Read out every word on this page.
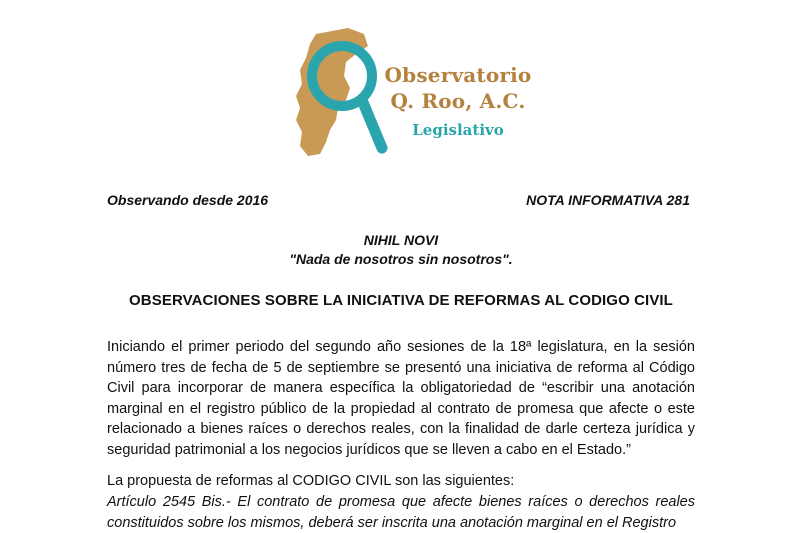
Observatorio
Q. Roo, A.C.
Legislativo
Observando desde 2016	NOTA INFORMATIVA 281
NIHIL NOVI
"Nada de nosotros sin nosotros".
OBSERVACIONES SOBRE LA INICIATIVA DE REFORMAS AL CODIGO CIVIL
Iniciando el primer periodo del segundo año sesiones de la 18ª legislatura, en la sesión número tres de fecha de 5 de septiembre se presentó una iniciativa de reforma al Código Civil para incorporar de manera específica la obligatoriedad de “escribir una anotación marginal en el registro público de la propiedad al contrato de promesa que afecte o este relacionado a bienes raíces o derechos reales, con la finalidad de darle certeza jurídica y seguridad patrimonial a los negocios jurídicos que se lleven a cabo en el Estado.”
La propuesta de reformas al CODIGO CIVIL son las siguientes:
Artículo 2545 Bis.- El contrato de promesa que afecte bienes raíces o derechos reales constituidos sobre los mismos, deberá ser inscrita una anotación marginal en el Registro
